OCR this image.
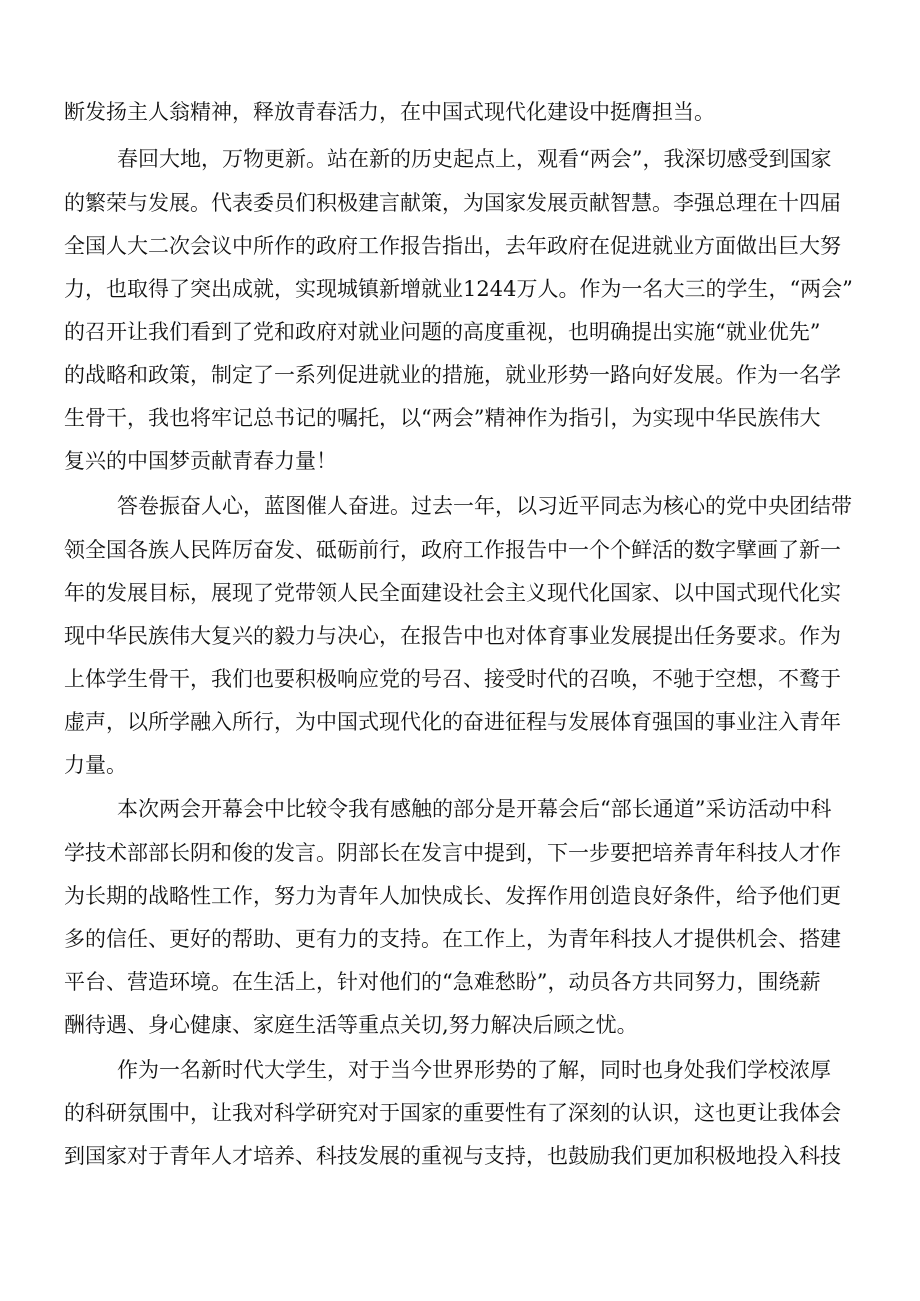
断发扬主人翁精神，释放青春活力，在中国式现代化建设中挺膺担当。

春回大地，万物更新。站在新的历史起点上，观看“两会”，我深切感受到国家

的繁荣与发展。代表委员们积极建言献策，为国家发展贡献智慧。李强总理在十四届

全国人大二次会议中所作的政府工作报告指出，去年政府在促进就业方面做出巨大努

力，也取得了突出成就，实现城镇新增就业1244万人。作为一名大三的学生，“两会”

的召开让我们看到了党和政府对就业问题的高度重视，也明确提出实施“就业优先”

的战略和政策，制定了一系列促进就业的措施，就业形势一路向好发展。作为一名学

生骨干，我也将牢记总书记的嘱托，以“两会”精神作为指引，为实现中华民族伟大

复兴的中国梦贡献青春力量！

答卷振奋人心，蓝图催人奋进。过去一年，以习近平同志为核心的党中央团结带

领全国各族人民阵厉奋发、砥砺前行，政府工作报告中一个个鲜活的数字擘画了新一

年的发展目标，展现了党带领人民全面建设社会主义现代化国家、以中国式现代化实

现中华民族伟大复兴的毅力与决心，在报告中也对体育事业发展提出任务要求。作为

上体学生骨干，我们也要积极响应党的号召、接受时代的召唤，不驰于空想，不鹜于

虚声，以所学融入所行，为中国式现代化的奋进征程与发展体育强国的事业注入青年

力量。

本次两会开幕会中比较令我有感触的部分是开幕会后“部长通道”采访活动中科

学技术部部长阴和俊的发言。阴部长在发言中提到，下一步要把培养青年科技人才作

为长期的战略性工作，努力为青年人加快成长、发挥作用创造良好条件，给予他们更

多的信任、更好的帮助、更有力的支持。在工作上，为青年科技人才提供机会、搭建

平台、营造环境。在生活上，针对他们的“急难愁盼”，动员各方共同努力，围绕薪

酬待遇、身心健康、家庭生活等重点关切,努力解决后顾之忧。

作为一名新时代大学生，对于当今世界形势的了解，同时也身处我们学校浓厚

的科研氛围中，让我对科学研究对于国家的重要性有了深刻的认识，这也更让我体会

到国家对于青年人才培养、科技发展的重视与支持，也鼓励我们更加积极地投入科技
